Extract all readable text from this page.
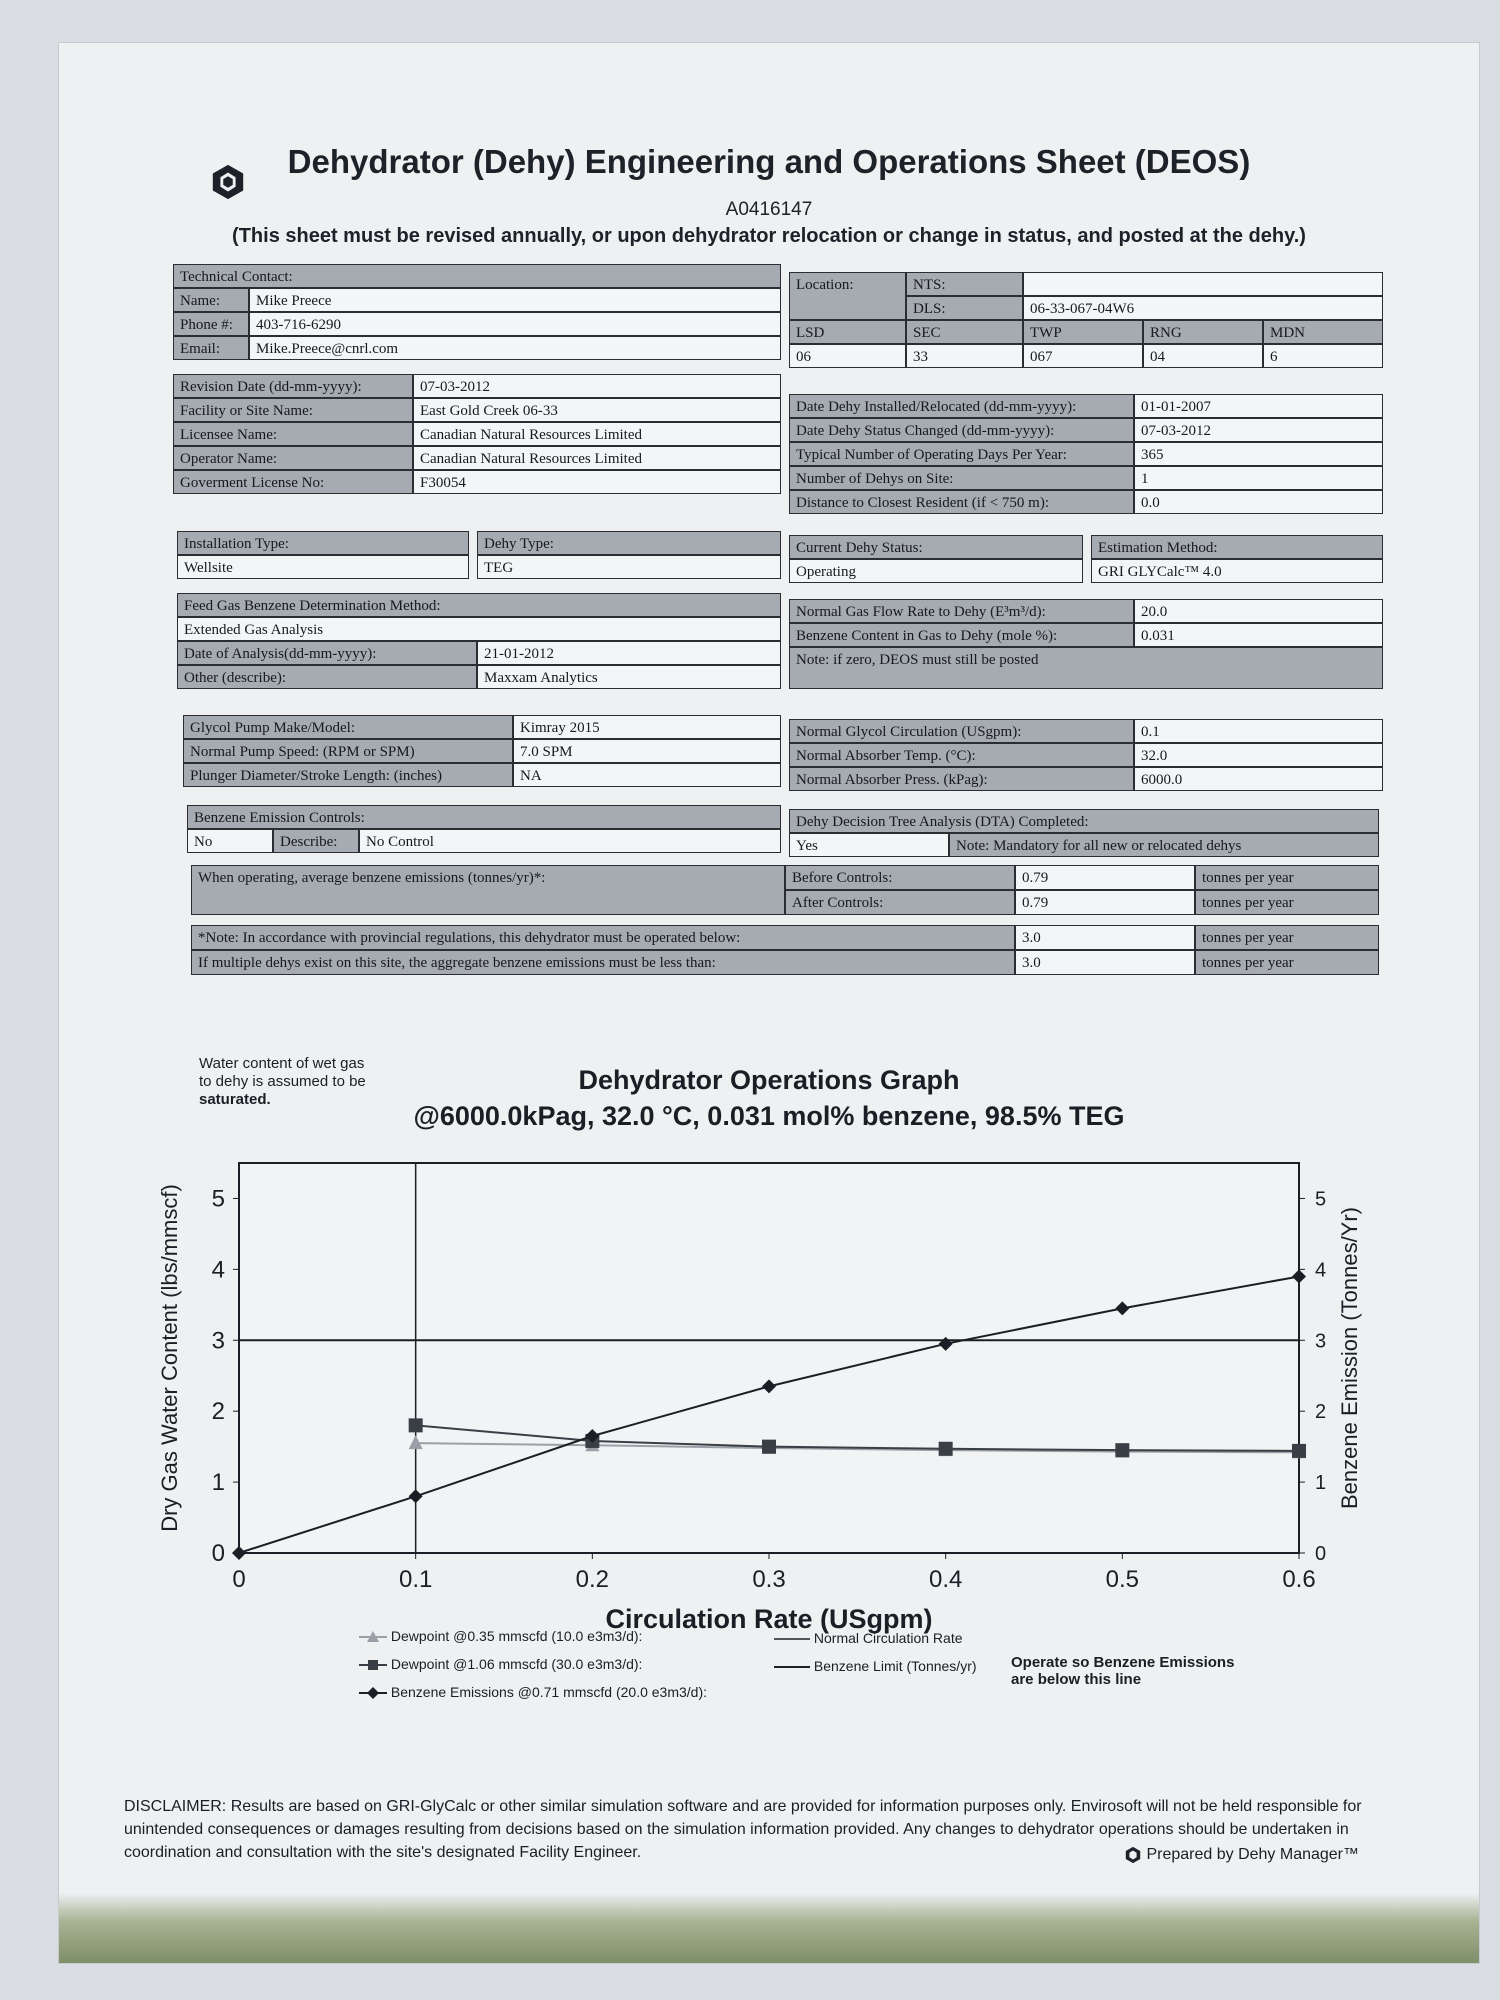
Dehydrator (Dehy) Engineering and Operations Sheet (DEOS)
A0416147
(This sheet must be revised annually, or upon dehydrator relocation or change in status, and posted at the dehy.)
Technical Contact:
Name:	Mike Preece
Phone #:	403-716-6290
Email:	Mike.Preece@cnrl.com
Location:	NTS:
DLS:	06-33-067-04W6
LSD	SEC	TWP	RNG	MDN
06	33	067	04	6
Revision Date (dd-mm-yyyy):	07-03-2012
Facility or Site Name:	East Gold Creek 06-33
Licensee Name:	Canadian Natural Resources Limited
Operator Name:	Canadian Natural Resources Limited
Goverment License No:	F30054
Date Dehy Installed/Relocated (dd-mm-yyyy):	01-01-2007
Date Dehy Status Changed (dd-mm-yyyy):	07-03-2012
Typical Number of Operating Days Per Year:	365
Number of Dehys on Site:	1
Distance to Closest Resident (if < 750 m):	0.0
Installation Type:
Wellsite
Dehy Type:
TEG
Current Dehy Status:
Operating
Estimation Method:
GRI GLYCalc™ 4.0
Feed Gas Benzene Determination Method:
Extended Gas Analysis
Date of Analysis(dd-mm-yyyy):	21-01-2012
Other (describe):	Maxxam Analytics
Normal Gas Flow Rate to Dehy (E³m³/d):	20.0
Benzene Content in Gas to Dehy (mole %):	0.031
Note: if zero, DEOS must still be posted
Glycol Pump Make/Model:	Kimray 2015
Normal Pump Speed: (RPM or SPM)	7.0 SPM
Plunger Diameter/Stroke Length: (inches)	NA
Normal Glycol Circulation (USgpm):	0.1
Normal Absorber Temp. (°C):	32.0
Normal Absorber Press. (kPag):	6000.0
Benzene Emission Controls:
No	Describe:	No Control
Dehy Decision Tree Analysis (DTA) Completed:
Yes	Note: Mandatory for all new or relocated dehys
When operating, average benzene emissions (tonnes/yr)*:	Before Controls:	0.79	tonnes per year
After Controls:	0.79	tonnes per year
*Note: In accordance with provincial regulations, this dehydrator must be operated below:	3.0	tonnes per year
If multiple dehys exist on this site, the aggregate benzene emissions must be less than:	3.0	tonnes per year
Water content of wet gas
to dehy is assumed to be
saturated.
Dehydrator Operations Graph
@6000.0kPag, 32.0 °C, 0.031 mol% benzene, 98.5% TEG
0	0.1	0.2	0.3	0.4	0.5	0.6
0
1
2
3
4
5
0
1
2
3
4
5
Circulation Rate (USgpm)
Dry Gas Water Content (lbs/mmscf)	Benzene Emission (Tonnes/Yr)
Dewpoint @0.35 mmscfd (10.0 e3m3/d):
Dewpoint @1.06 mmscfd (30.0 e3m3/d):
Benzene Emissions @0.71 mmscfd (20.0 e3m3/d):
Normal Circulation Rate
Benzene Limit (Tonnes/yr) Operate so Benzene Emissions
are below this line
DISCLAIMER: Results are based on GRI-GlyCalc or other similar simulation software and are provided for information purposes only. Envirosoft will not be held responsible for unintended consequences or damages resulting from decisions based on the simulation information provided. Any changes to dehydrator operations should be undertaken in coordination and consultation with the site's designated Facility Engineer.	Prepared by Dehy Manager™
